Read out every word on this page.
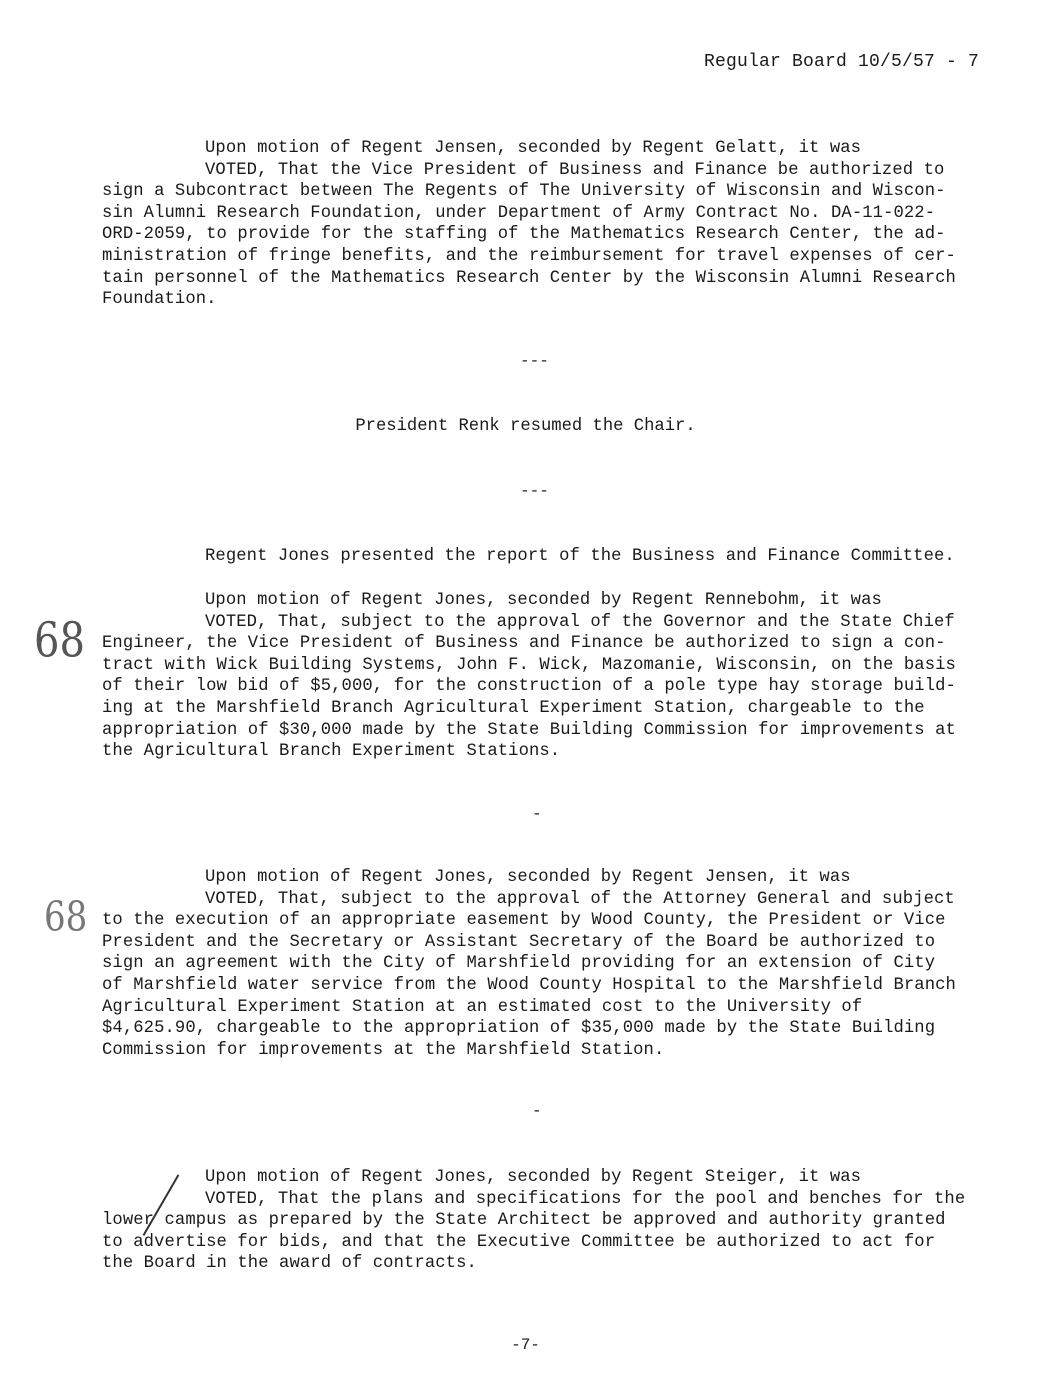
Regular Board 10/5/57 - 7
Upon motion of Regent Jensen, seconded by Regent Gelatt, it was
VOTED, That the Vice President of Business and Finance be authorized to
sign a Subcontract between The Regents of The University of Wisconsin and Wiscon-
sin Alumni Research Foundation, under Department of Army Contract No. DA-11-022-
ORD-2059, to provide for the staffing of the Mathematics Research Center, the ad-
ministration of fringe benefits, and the reimbursement for travel expenses of cer-
tain personnel of the Mathematics Research Center by the Wisconsin Alumni Research
Foundation.
---
President Renk resumed the Chair.
---
Regent Jones presented the report of the Business and Finance Committee.
Upon motion of Regent Jones, seconded by Regent Rennebohm, it was
VOTED, That, subject to the approval of the Governor and the State Chief
Engineer, the Vice President of Business and Finance be authorized to sign a con-
tract with Wick Building Systems, John F. Wick, Mazomanie, Wisconsin, on the basis
of their low bid of $5,000, for the construction of a pole type hay storage build-
ing at the Marshfield Branch Agricultural Experiment Station, chargeable to the
appropriation of $30,000 made by the State Building Commission for improvements at
the Agricultural Branch Experiment Stations.
68
-
Upon motion of Regent Jones, seconded by Regent Jensen, it was
VOTED, That, subject to the approval of the Attorney General and subject
to the execution of an appropriate easement by Wood County, the President or Vice
President and the Secretary or Assistant Secretary of the Board be authorized to
sign an agreement with the City of Marshfield providing for an extension of City
of Marshfield water service from the Wood County Hospital to the Marshfield Branch
Agricultural Experiment Station at an estimated cost to the University of
$4,625.90, chargeable to the appropriation of $35,000 made by the State Building
Commission for improvements at the Marshfield Station.
68
-
Upon motion of Regent Jones, seconded by Regent Steiger, it was
VOTED, That the plans and specifications for the pool and benches for the
lower campus as prepared by the State Architect be approved and authority granted
to advertise for bids, and that the Executive Committee be authorized to act for
the Board in the award of contracts.
-7-
